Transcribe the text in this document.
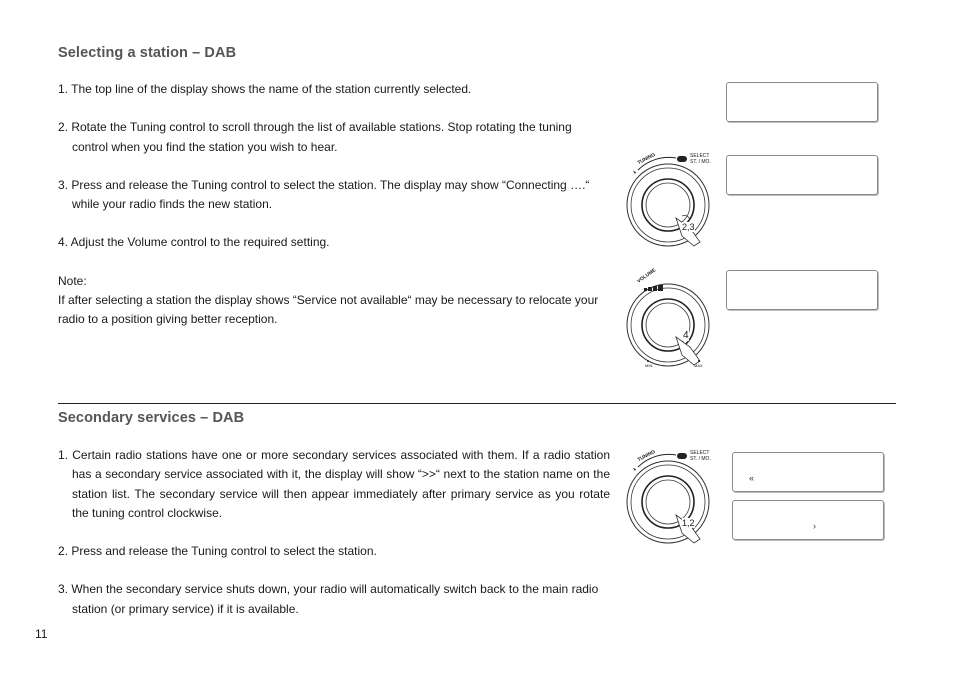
Selecting a station – DAB

1. The top line of the display shows the name of the station currently selected.

2. Rotate the Tuning control to scroll through the list of available stations. Stop rotating the tuning control when you find the station you wish to hear.

3. Press and release the Tuning control to select the station. The display may show “Connecting ….“ while your radio finds the new station.

4. Adjust the Volume control to the required setting.

Note:

If after selecting a station the display shows “Service not available“ may be necessary to relocate your radio to a position giving better reception.

TUNING	SELECT
ST. / MO.
2,3
VOLUME
4
MIN	MAX
Secondary services – DAB

1. Certain radio stations have one or more secondary services associated with them. If a radio station has a secondary service associated with it, the display will show “>>“ next to the station name on the station list. The secondary service will then appear immediately after primary service as you rotate the tuning control clockwise.

2. Press and release the Tuning control to select the station.

3. When the secondary service shuts down, your radio will automatically switch back to the main radio station (or primary service) if it is available.

«
›
TUNING	SELECT
ST. / MO.
1,2
11
